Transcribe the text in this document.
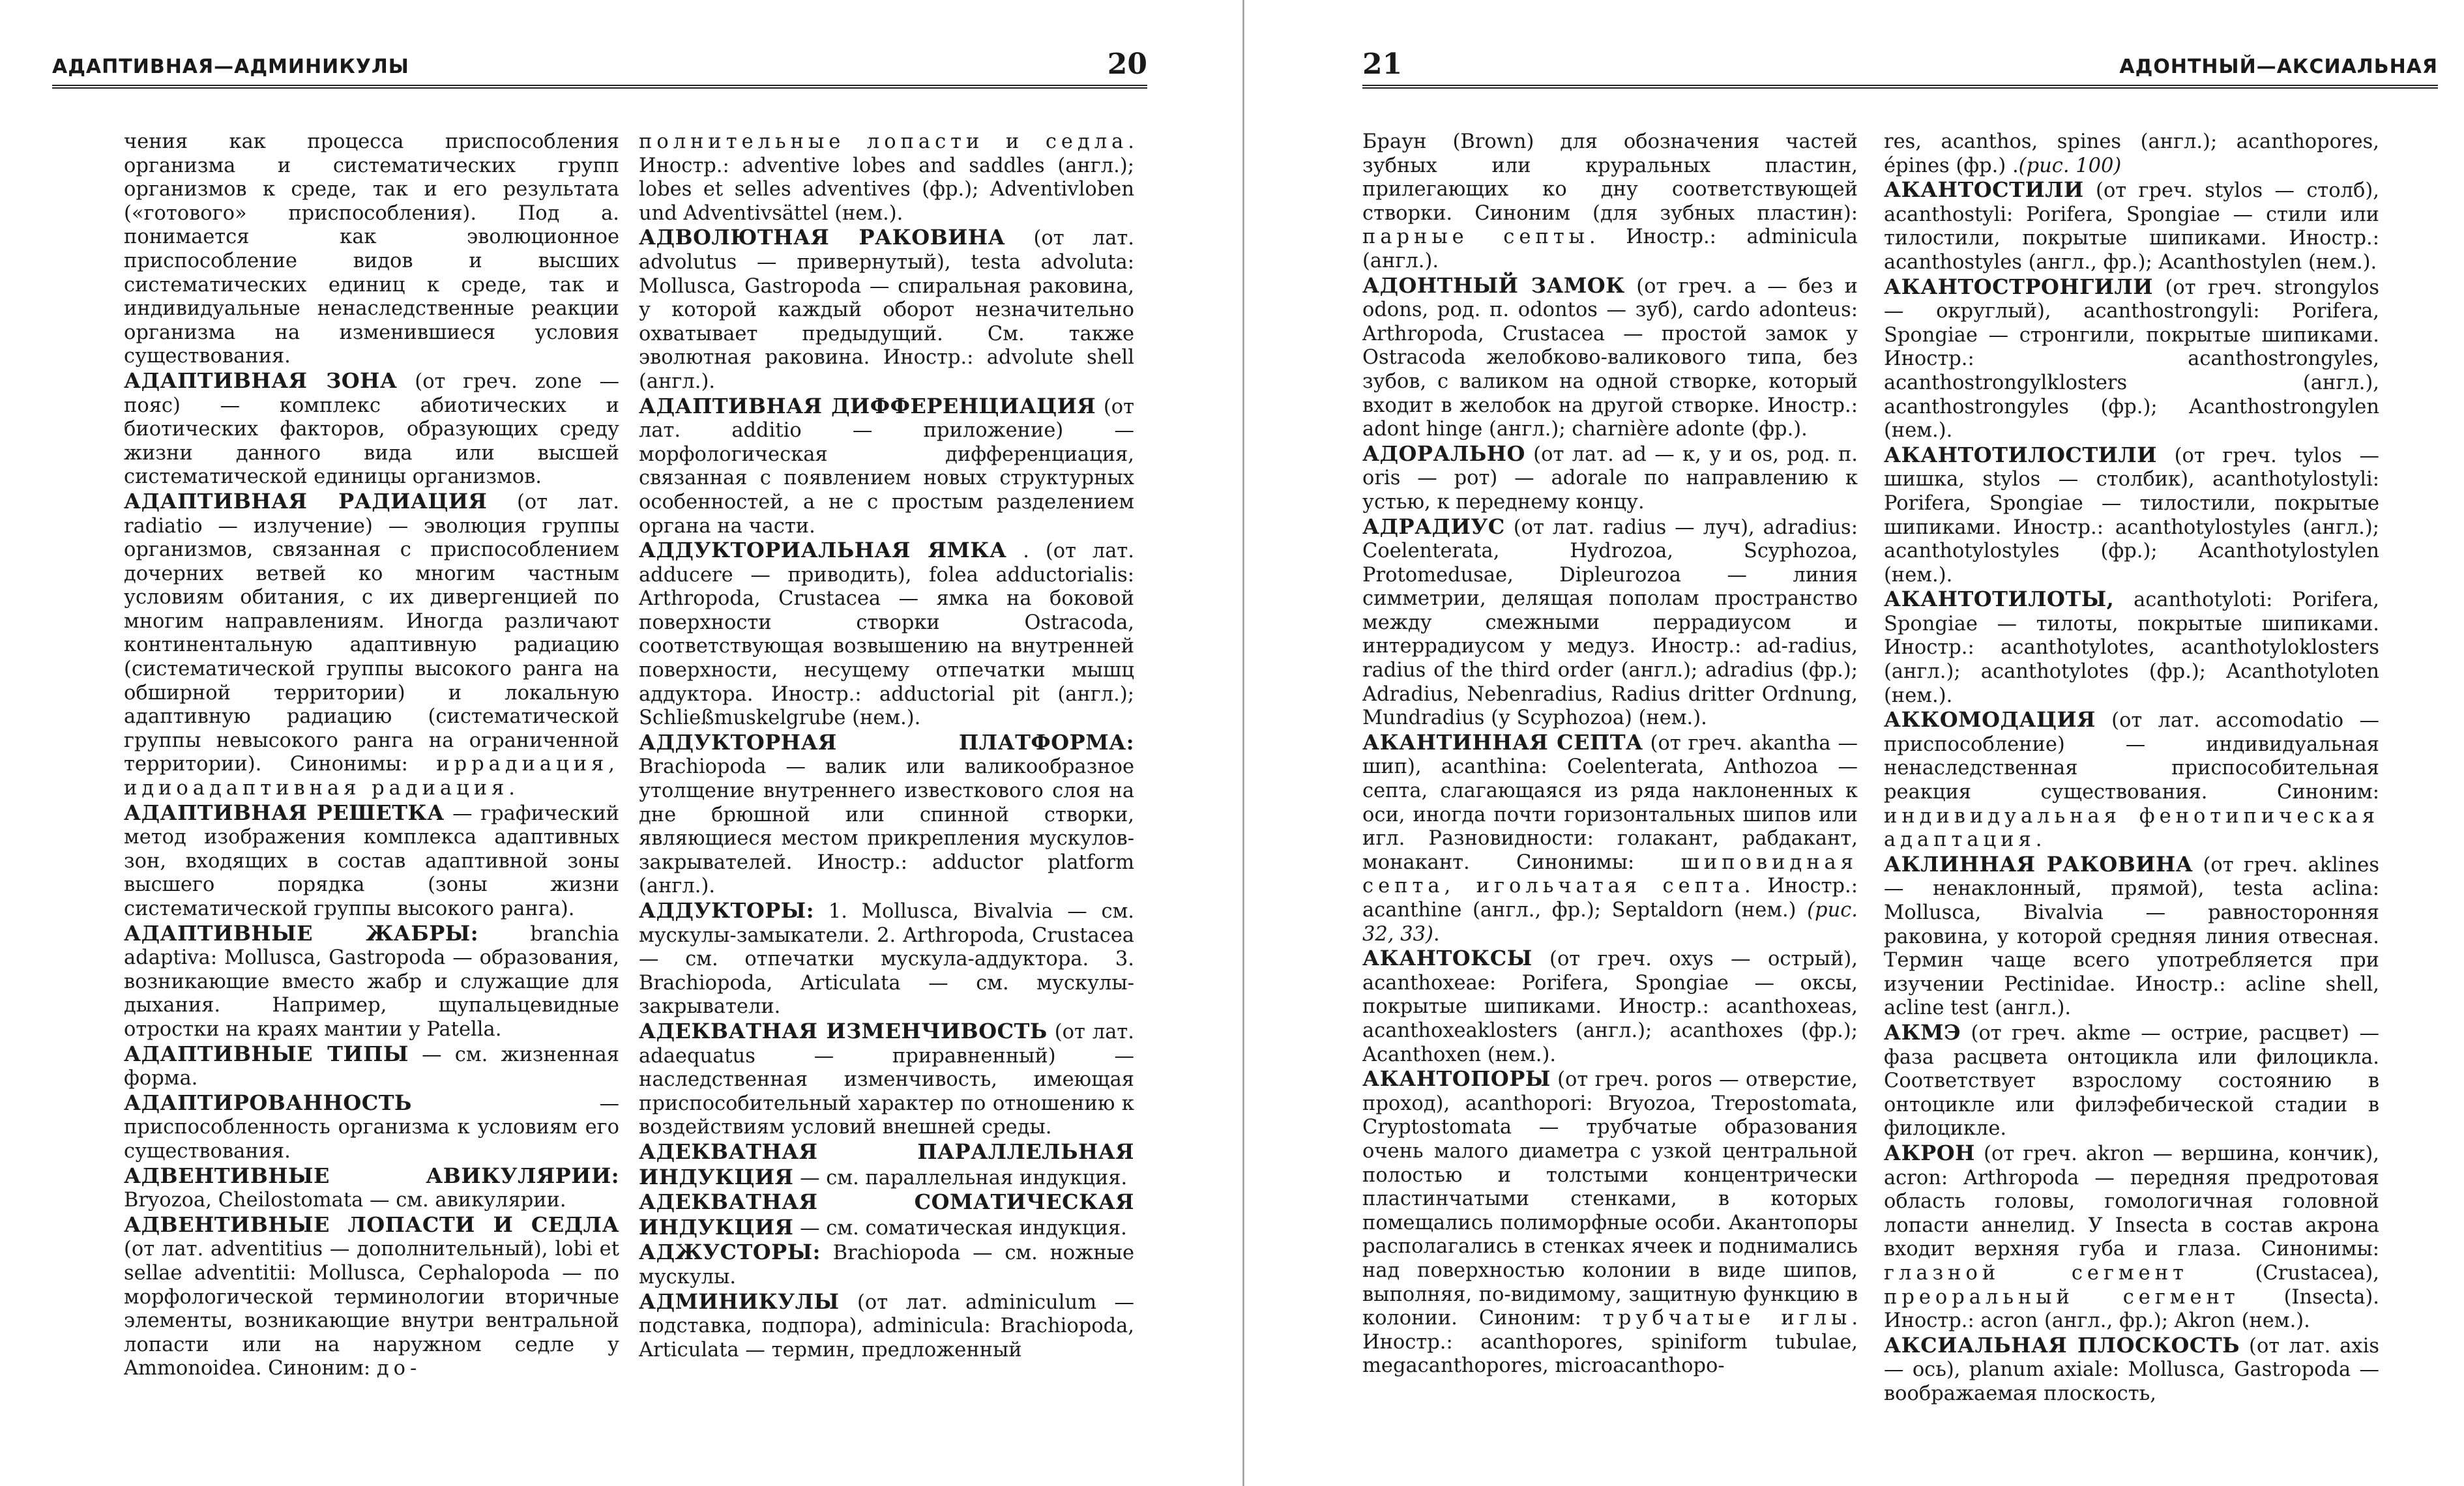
АДАПТИВНАЯ—АДМИНИКУЛЫ	20

чения как процесса приспособления организма и систематических групп организмов к среде, так и его результата («готового» приспособления). Под а. понимается как эволюционное приспособление видов и высших систематических единиц к среде, так и индивидуальные ненаследственные реакции организма на изменившиеся условия существования.

АДАПТИВНАЯ ЗОНА (от греч. zone — пояс) — комплекс абиотических и биотических факторов, образующих среду жизни данного вида или высшей систематической единицы организмов.

АДАПТИВНАЯ РАДИАЦИЯ (от лат. radiatio — излучение) — эволюция группы организмов, связанная с приспособлением дочерних ветвей ко многим частным условиям обитания, с их дивергенцией по многим направлениям. Иногда различают континентальную адаптивную радиацию (систематической группы высокого ранга на обширной территории) и локальную адаптивную радиацию (систематической группы невысокого ранга на ограниченной территории). Синонимы: иррадиация, идиоадаптивная радиация.

АДАПТИВНАЯ РЕШЕТКА — графический метод изображения комплекса адаптивных зон, входящих в состав адаптивной зоны высшего порядка (зоны жизни систематической группы высокого ранга).

АДАПТИВНЫЕ ЖАБРЫ: branchia adaptiva: Mollusca, Gastropoda — образования, возникающие вместо жабр и служащие для дыхания. Например, щупальцевидные отростки на краях мантии у Patella.

АДАПТИВНЫЕ ТИПЫ — см. жизненная форма.

АДАПТИРОВАННОСТЬ — приспособленность организма к условиям его существования.

АДВЕНТИВНЫЕ АВИКУЛЯРИИ: Bryozoa, Cheilostomata — см. авикулярии.

АДВЕНТИВНЫЕ ЛОПАСТИ И СЕДЛА (от лат. adventitius — дополнительный), lobi et sellae adventitii: Mollusca, Cephalopoda — по морфологической терминологии вторичные элементы, возникающие внутри вентральной лопасти или на наружном седле у Ammonoidea. Синоним: до-

полнительные лопасти и седла. Иностр.: adventive lobes and saddles (англ.); lobes et selles adventives (фр.); Adventivloben und Adventivsättel (нем.).

АДВОЛЮТНАЯ РАКОВИНА (от лат. advolutus — привернутый), testa advoluta: Mollusca, Gastropoda — спиральная раковина, у которой каждый оборот незначительно охватывает предыдущий. См. также эволютная раковина. Иностр.: advolute shell (англ.).

АДАПТИВНАЯ ДИФФЕРЕНЦИАЦИЯ (от лат. additio — приложение) — морфологическая дифференциация, связанная с появлением новых структурных особенностей, а не с простым разделением органа на части.

АДДУКТОРИАЛЬНАЯ ЯМКА . (от лат. adducere — приводить), folea adductorialis: Arthropoda, Crustacea — ямка на боковой поверхности створки Ostracoda, соответствующая возвышению на внутренней поверхности, несущему отпечатки мышц аддуктора. Иностр.: adductorial pit (англ.); Schließmuskelgrube (нем.).

АДДУКТОРНАЯ ПЛАТФОРМА: Brachiopoda — валик или валикообразное утолщение внутреннего известкового слоя на дне брюшной или спинной створки, являющиеся местом прикрепления мускулов-закрывателей. Иностр.: adductor platform (англ.).

АДДУКТОРЫ: 1. Mollusca, Bivalvia — см. мускулы-замыкатели. 2. Arthropoda, Crustacea — см. отпечатки мускула-аддуктора. 3. Brachiopoda, Articulata — см. мускулы-закрыватели.

АДЕКВАТНАЯ ИЗМЕНЧИВОСТЬ (от лат. adaequatus — приравненный) — наследственная изменчивость, имеющая приспособительный характер по отношению к воздействиям условий внешней среды.

АДЕКВАТНАЯ ПАРАЛЛЕЛЬНАЯ ИНДУКЦИЯ — см. параллельная индукция.

АДЕКВАТНАЯ СОМАТИЧЕСКАЯ ИНДУКЦИЯ — см. соматическая индукция.

АДЖУСТОРЫ: Brachiopoda — см. ножные мускулы.

АДМИНИКУЛЫ (от лат. adminiculum — подставка, подпора), adminicula: Brachiopoda, Articulata — термин, предложенный

АДОНТНЫЙ—АКСИАЛЬНАЯ
21

Браун (Brown) для обозначения частей зубных или круральных пластин, прилегающих ко дну соответствующей створки. Синоним (для зубных пластин): парные септы. Иностр.: adminicula (англ.).

АДОНТНЫЙ ЗАМОК (от греч. a — без и odons, род. п. odontos — зуб), cardo adonteus: Arthropoda, Crustacea — простой замок у Ostracoda желобково-валикового типа, без зубов, с валиком на одной створке, который входит в желобок на другой створке. Иностр.: adont hinge (англ.); charnière adonte (фр.).

АДОРАЛЬНО (от лат. ad — к, у и os, род. п. oris — рот) — adorale по направлению к устью, к переднему концу.

АДРАДИУС (от лат. radius — луч), adradius: Coelenterata, Hydrozoa, Scyphozoa, Protomedusae, Dipleurozoa — линия симметрии, делящая пополам пространство между смежными перрадиусом и интеррадиусом у медуз. Иностр.: ad-radius, radius of the third order (англ.); adradius (фр.); Adradius, Nebenradius, Radius dritter Ordnung, Mundradius (у Scyphozoa) (нем.).

АКАНТИННАЯ СЕПТА (от греч. akantha — шип), acanthina: Coelenterata, Anthozoa — септа, слагающаяся из ряда наклоненных к оси, иногда почти горизонтальных шипов или игл. Разновидности: голакант, рабдакант, монакант. Синонимы: шиповидная септа, игольчатая септа. Иностр.: acanthine (англ., фр.); Septaldorn (нем.) (рис. 32, 33).

АКАНТОКСЫ (от греч. oxys — острый), acanthoxeae: Porifera, Spongiae — оксы, покрытые шипиками. Иностр.: acanthoxeas, acanthoxeaklosters (англ.); acanthoxes (фр.); Acanthoxen (нем.).

АКАНТОПОРЫ (от греч. poros — отверстие, проход), acanthopori: Bryozoa, Trepostomata, Cryptostomata — трубчатые образования очень малого диаметра с узкой центральной полостью и толстыми концентрически пластинчатыми стенками, в которых помещались полиморфные особи. Акантопоры располагались в стенках ячеек и поднимались над поверхностью колонии в виде шипов, выполняя, по-видимому, защитную функцию в колонии. Синоним: трубчатые иглы. Иностр.: acanthopores, spiniform tubulae, megacanthopores, microacanthopo-

res, acanthos, spines (англ.); acanthopores, épines (фр.) .(рис. 100)

АКАНТОСТИЛИ (от греч. stylos — столб), acanthostyli: Porifera, Spongiae — стили или тилостили, покрытые шипиками. Иностр.: acanthostyles (англ., фр.); Acanthostylen (нем.).

АКАНТОСТРОНГИЛИ (от греч. strongylos — округлый), acanthostrongyli: Porifera, Spongiae — стронгили, покрытые шипиками. Иностр.: acanthostrongyles, acanthostrongylklosters (англ.), acanthostrongyles (фр.); Acanthostrongylen (нем.).

АКАНТОТИЛОСТИЛИ (от греч. tylos — шишка, stylos — столбик), acanthotylostyli: Porifera, Spongiae — тилостили, покрытые шипиками. Иностр.: acanthotylostyles (англ.); acanthotylostyles (фр.); Acanthotylostylen (нем.).

АКАНТОТИЛОТЫ, acanthotyloti: Porifera, Spongiae — тилоты, покрытые шипиками. Иностр.: acanthotylotes, acanthotyloklosters (англ.); acanthotylotes (фр.); Acanthotyloten (нем.).

АККОМОДАЦИЯ (от лат. accomodatio — приспособление) — индивидуальная ненаследственная приспособительная реакция существования. Синоним: индивидуальная фенотипическая адаптация.

АКЛИННАЯ РАКОВИНА (от греч. aklines — ненаклонный, прямой), testa aclina: Mollusca, Bivalvia — равносторонняя раковина, у которой средняя линия отвесная. Термин чаще всего употребляется при изучении Pectinidae. Иностр.: acline shell, acline test (англ.).

АКМЭ (от греч. akme — острие, расцвет) — фаза расцвета онтоцикла или филоцикла. Соответствует взрослому состоянию в онтоцикле или филэфебической стадии в филоцикле.

АКРОН (от греч. akron — вершина, кончик), acron: Arthropoda — передняя предротовая область головы, гомологичная головной лопасти аннелид. У Insecta в состав акрона входит верхняя губа и глаза. Синонимы: глазной сегмент (Crustacea), преоральный сегмент (Insecta). Иностр.: acron (англ., фр.); Akron (нем.).

АКСИАЛЬНАЯ ПЛОСКОСТЬ (от лат. axis — ось), planum axiale: Mollusca, Gastropoda — воображаемая плоскость,
